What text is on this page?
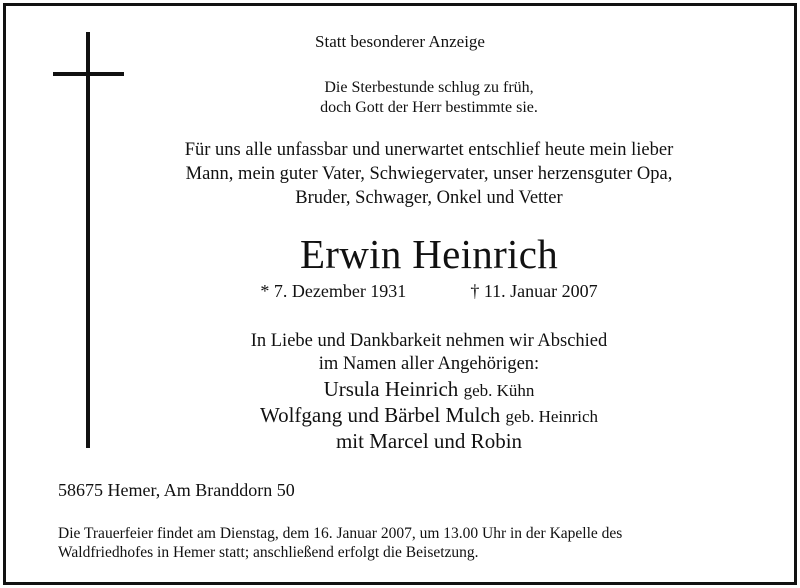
Statt besonderer Anzeige
Die Sterbestunde schlug zu früh,
doch Gott der Herr bestimmte sie.
Für uns alle unfassbar und unerwartet entschlief heute mein lieber
Mann, mein guter Vater, Schwiegervater, unser herzensguter Opa,
Bruder, Schwager, Onkel und Vetter
Erwin Heinrich
* 7. Dezember 1931	† 11. Januar 2007
In Liebe und Dankbarkeit nehmen wir Abschied
im Namen aller Angehörigen:
Ursula Heinrich geb. Kühn
Wolfgang und Bärbel Mulch geb. Heinrich
mit Marcel und Robin
58675 Hemer, Am Branddorn 50
Die Trauerfeier findet am Dienstag, dem 16. Januar 2007, um 13.00 Uhr in der Kapelle des
Waldfriedhofes in Hemer statt; anschließend erfolgt die Beisetzung.
